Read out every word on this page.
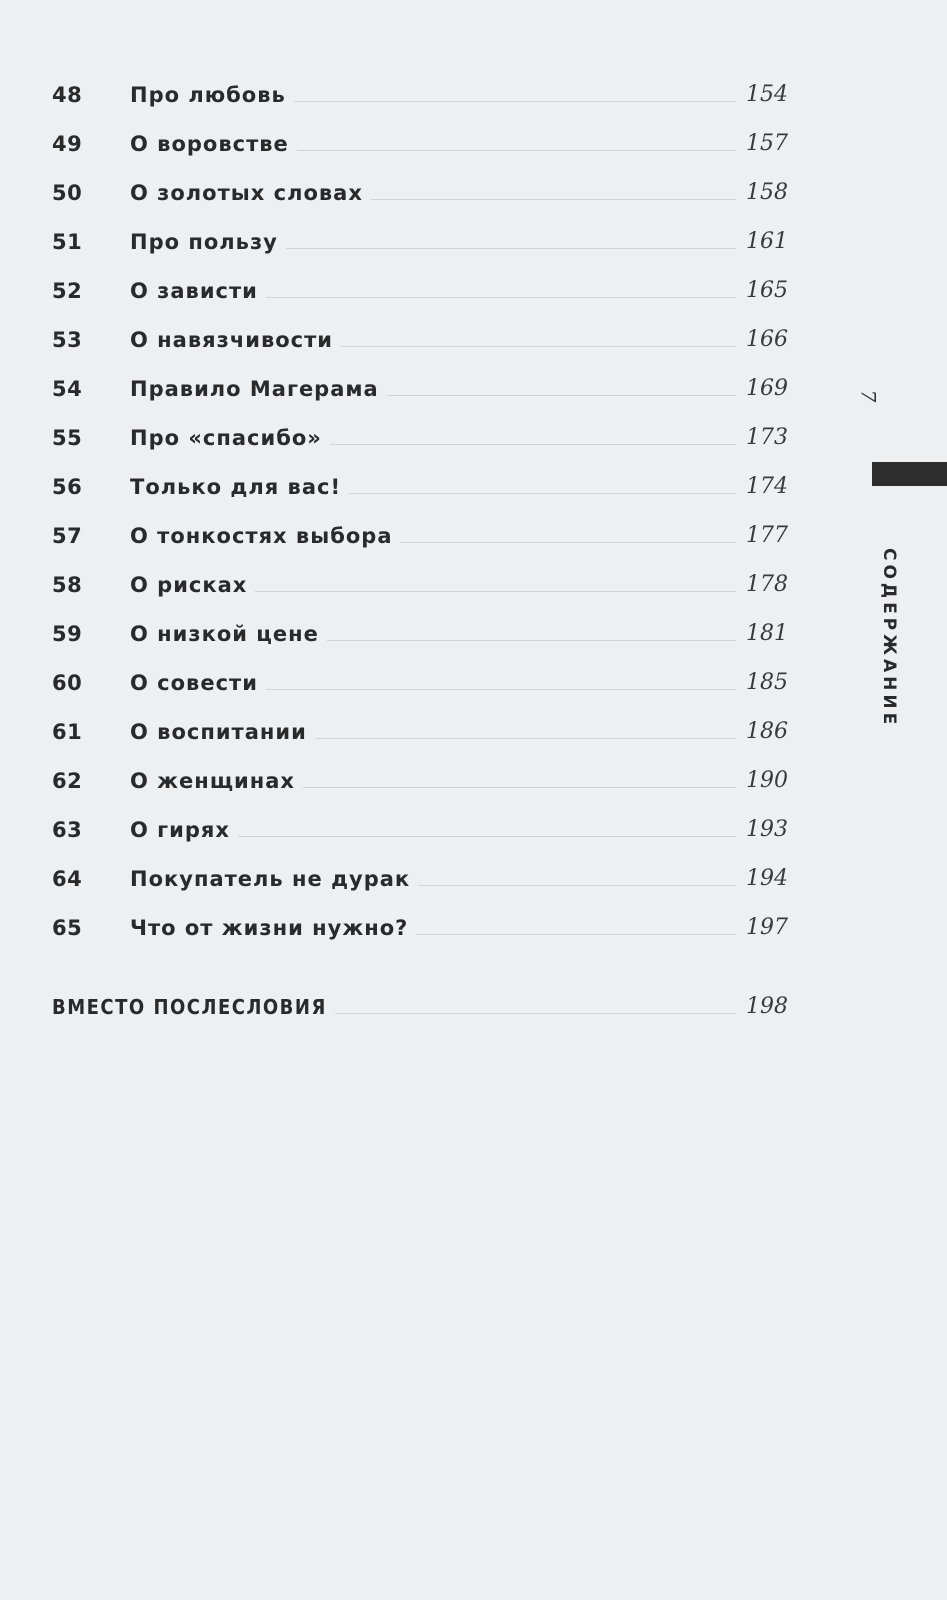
48	Про любовь	154
49	О воровстве	157
50	О золотых словах	158
51	Про пользу	161
52	О зависти	165
53	О навязчивости	166
54	Правило Магерама	169
55	Про «спасибо»	173
56	Только для вас!	174
57	О тонкостях выбора	177
58	О рисках	178
59	О низкой цене	181
60	О совести	185
61	О воспитании	186
62	О женщинах	190
63	О гирях	193
64	Покупатель не дурак	194
65	Что от жизни нужно?	197
ВМЕСТО ПОСЛЕСЛОВИЯ	198
7
СОДЕРЖАНИЕ
